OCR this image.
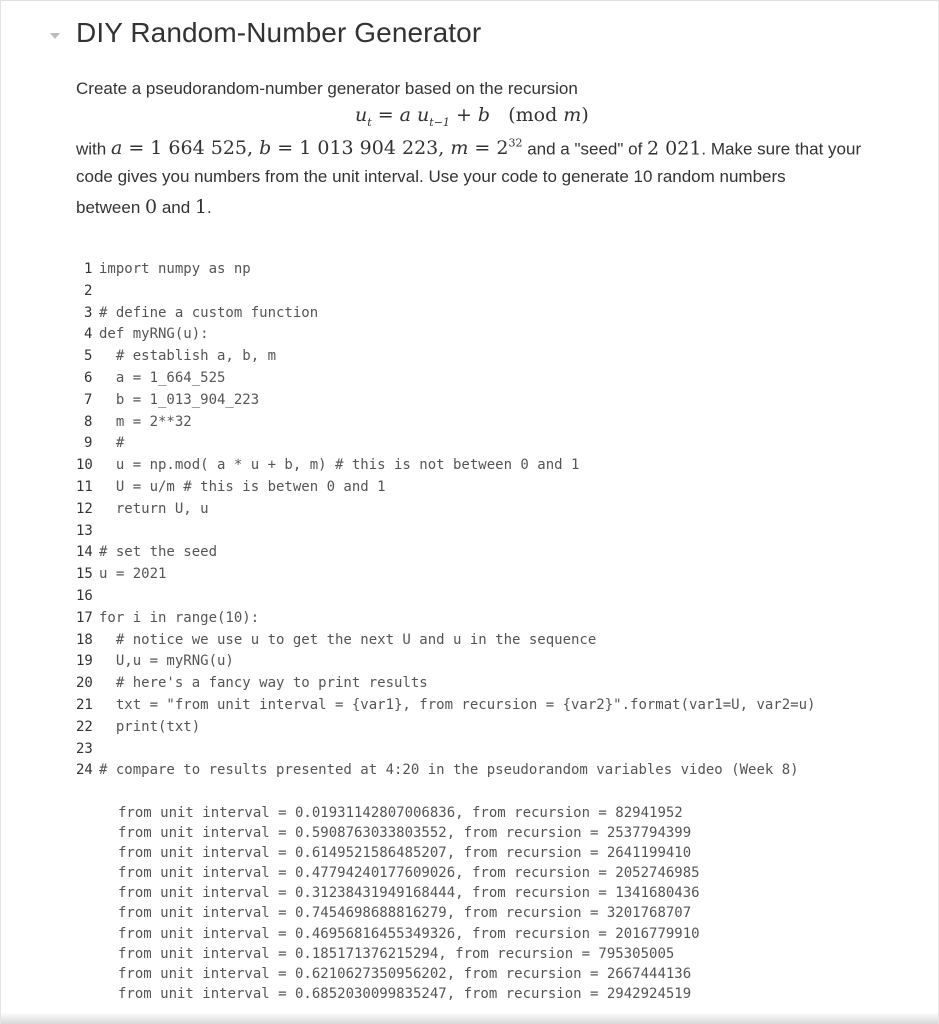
DIY Random-Number Generator
Create a pseudorandom-number generator based on the recursion
$u_t = a$ $u_{t-1} + b$   (mod m)
with a = 1 664 525, b = 1 013 904 223, $m = 2^{32}$ and a "seed" of 2 021. Make sure that your
code gives you numbers from the unit interval. Use your code to generate 10 random numbers
between 0 and 1.
1 import numpy as np
2
3 # define a custom function
4 def myRNG(u):
5 # establish a, b, m
6 a = 1_664_525
7 b = 1_013_904_223
8 m = 2**32
9 #
10 u = np.mod( a * u + b, m) # this is not between 0 and 1
11 U = u/m # this is betwen 0 and 1
12 return U, u
13
14 # set the seed
15 u = 2021
16
17 for i in range(10):
18 # notice we use u to get the next U and u in the sequence
19 U,u = myRNG(u)
20 # here's a fancy way to print results
21 txt = "from unit interval = {var1}, from recursion = {var2}".format(var1=U, var2=u)
22 print(txt)
23
24 # compare to results presented at 4:20 in the pseudorandom variables video (Week 8)
from unit interval = 0.01931142807006836, from recursion = 82941952
from unit interval = 0.5908763033803552, from recursion = 2537794399
from unit interval = 0.6149521586485207, from recursion = 2641199410
from unit interval = 0.47794240177609026, from recursion = 2052746985
from unit interval = 0.31238431949168444, from recursion = 1341680436
from unit interval = 0.7454698688816279, from recursion = 3201768707
from unit interval = 0.46956816455349326, from recursion = 2016779910
from unit interval = 0.185171376215294, from recursion = 795305005
from unit interval = 0.6210627350956202, from recursion = 2667444136
from unit interval = 0.6852030099835247, from recursion = 2942924519
